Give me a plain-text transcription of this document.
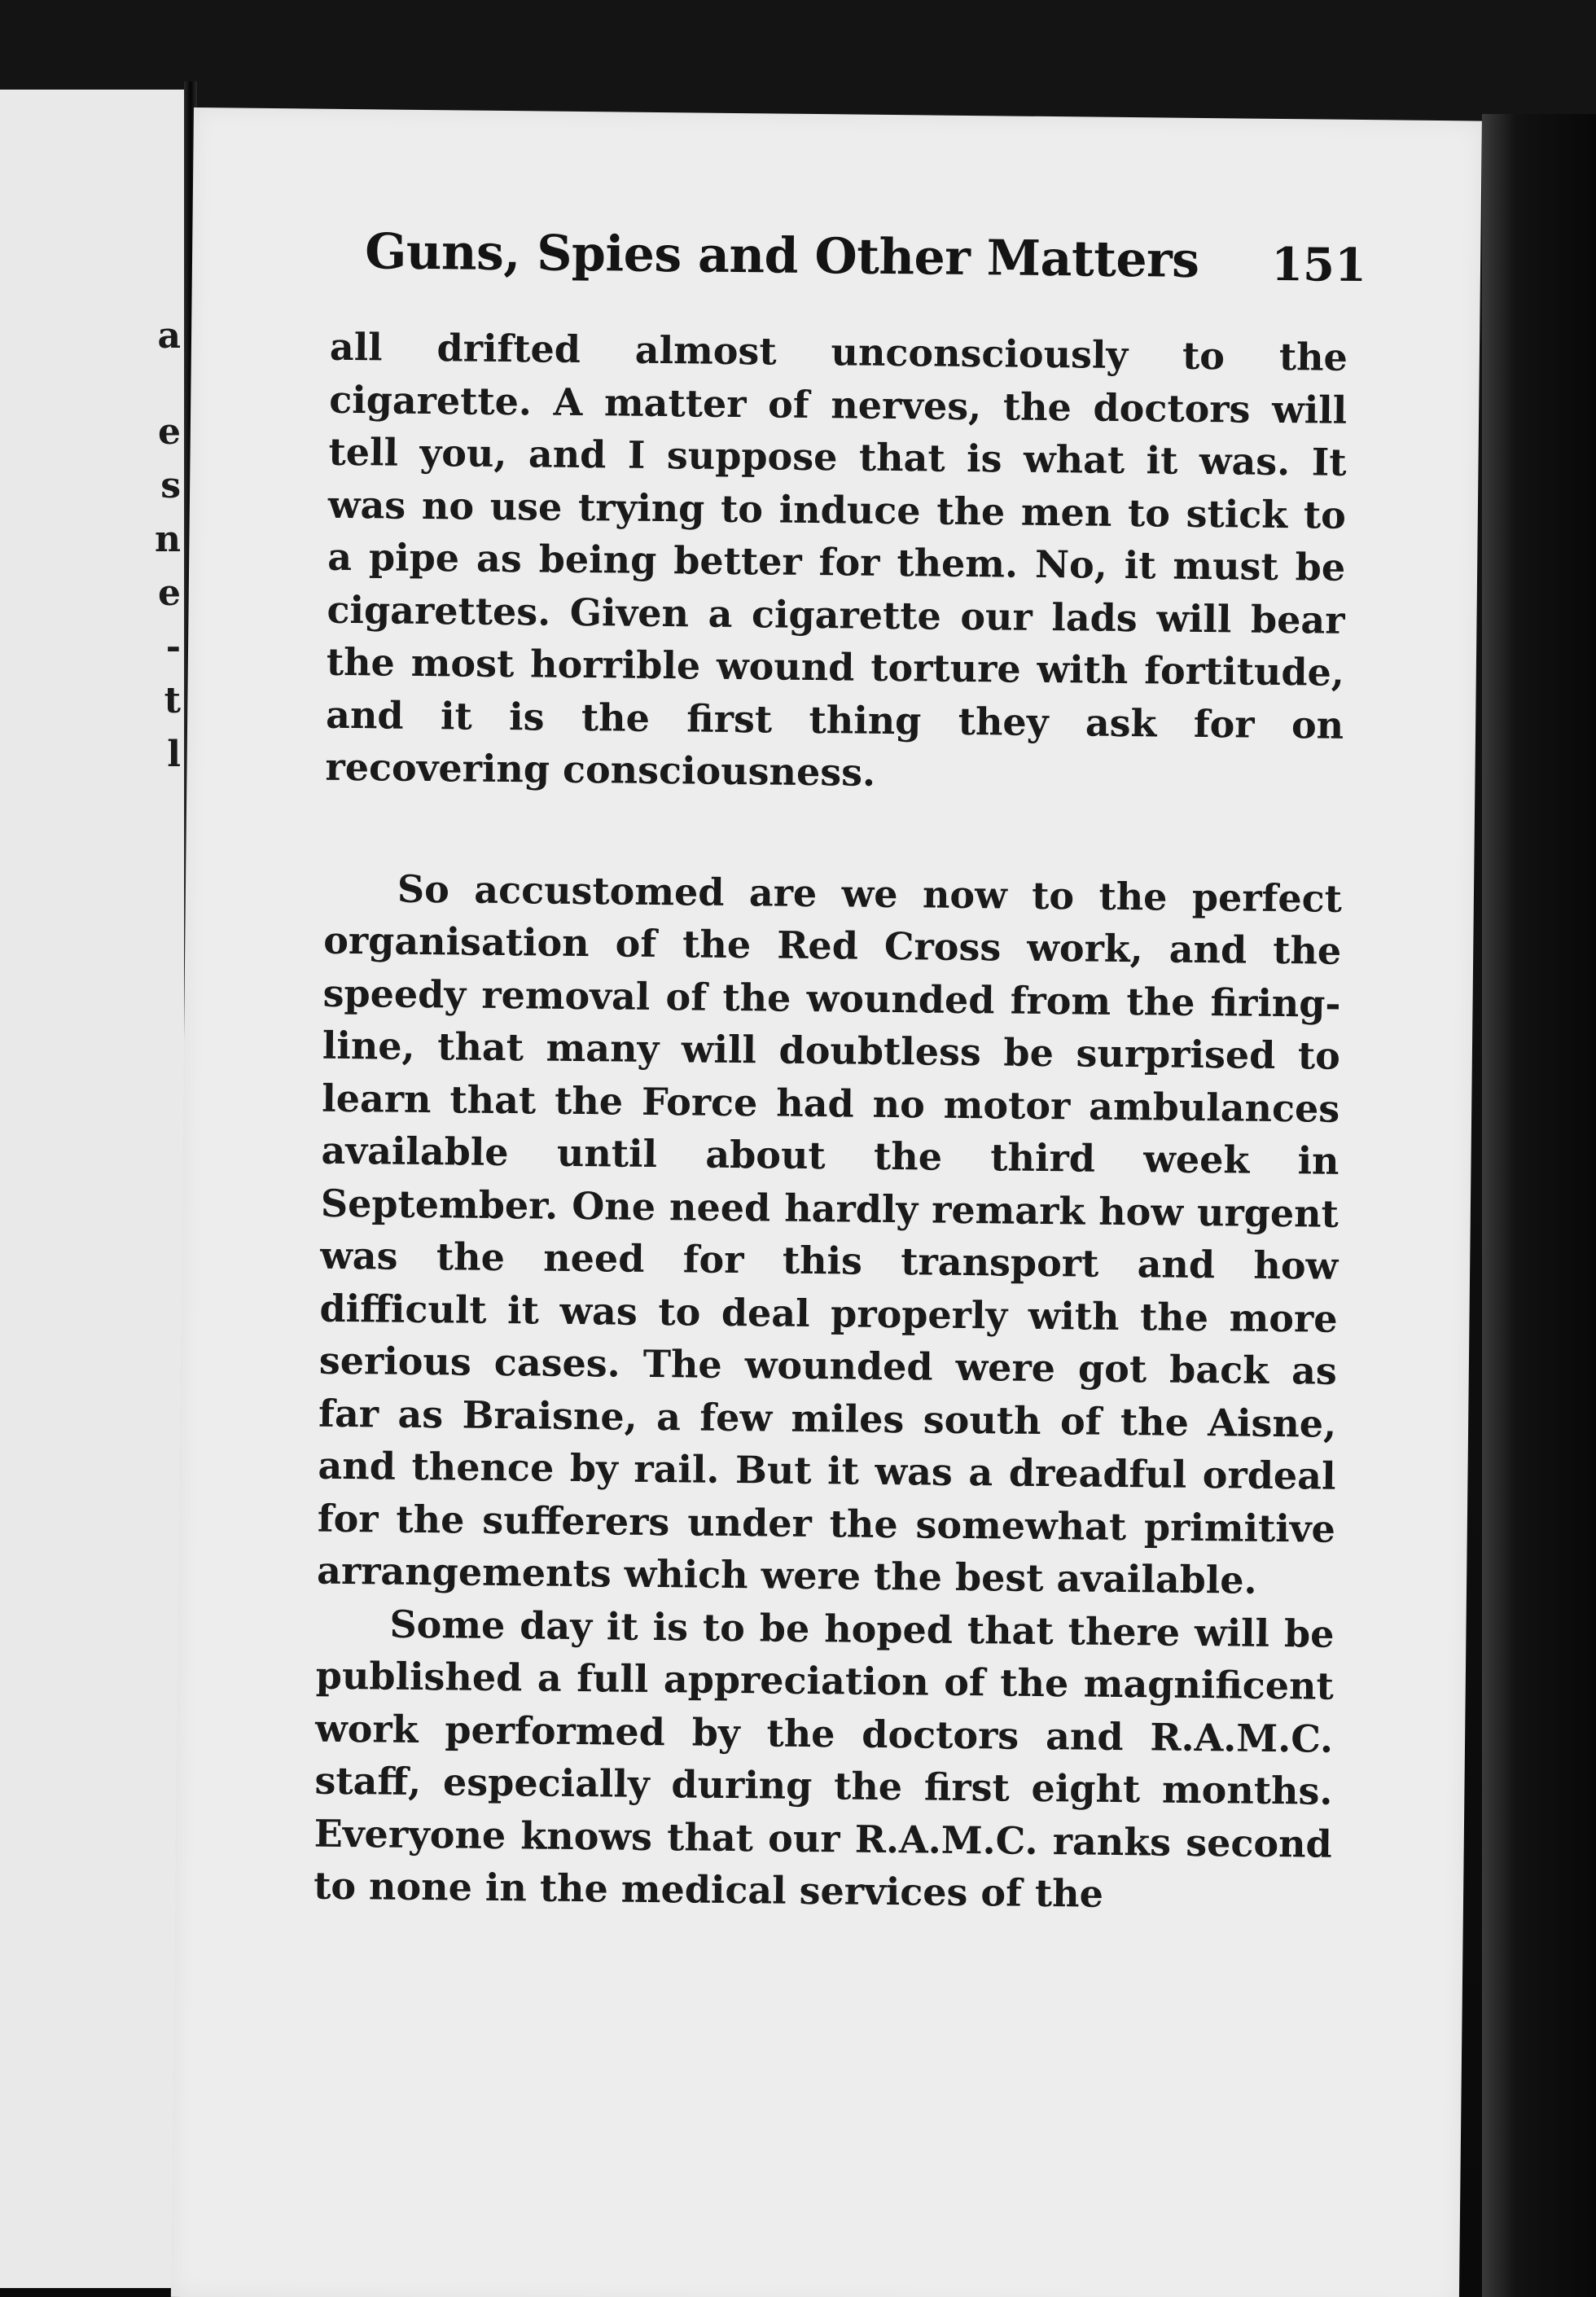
a
e
s
n
e
-
t
l
Guns, Spies and Other Matters 151

all drifted almost unconsciously to the cigarette. A matter of nerves, the doctors will tell you, and I suppose that is what it was. It was no use trying to induce the men to stick to a pipe as being better for them. No, it must be cigarettes. Given a cigarette our lads will bear the most horrible wound torture with fortitude, and it is the first thing they ask for on recovering consciousness.

So accustomed are we now to the perfect organisation of the Red Cross work, and the speedy removal of the wounded from the firing-line, that many will doubtless be surprised to learn that the Force had no motor ambulances available until about the third week in September. One need hardly remark how urgent was the need for this transport and how difficult it was to deal properly with the more serious cases. The wounded were got back as far as Braisne, a few miles south of the Aisne, and thence by rail. But it was a dreadful ordeal for the sufferers under the somewhat primitive arrangements which were the best available.

Some day it is to be hoped that there will be published a full appreciation of the magnificent work performed by the doctors and R.A.M.C. staff, especially during the first eight months. Everyone knows that our R.A.M.C. ranks second to none in the medical services of the
